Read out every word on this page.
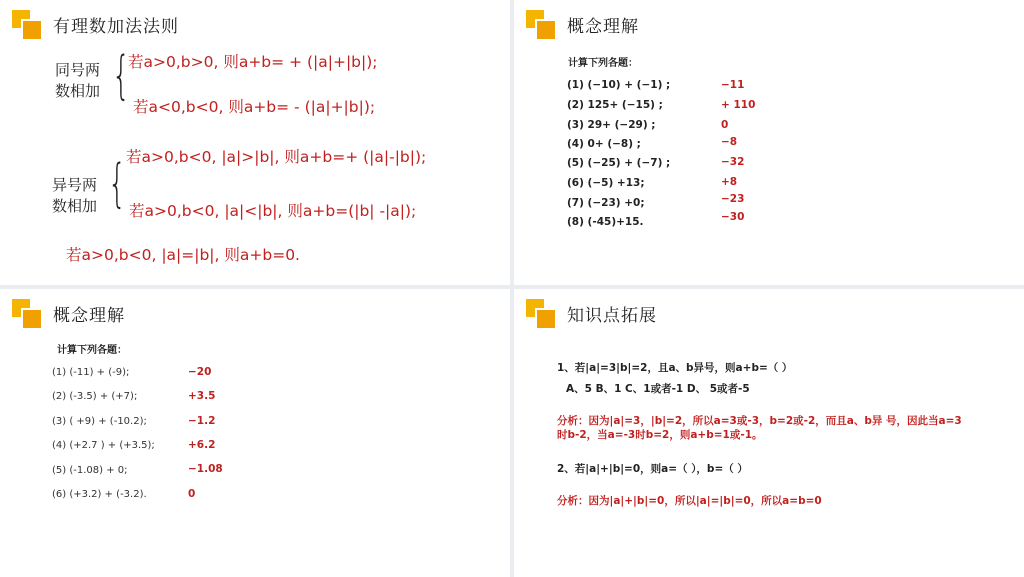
有理数加法法则
同号两
数相加 {
若a>0,b>0, 则a+b= + (|a|+|b|);
若a<0,b<0, 则a+b= - (|a|+|b|);
异号两
数相加 { 若a>0,b<0, |a|>|b|, 则a+b=+ (|a|-|b|);
若a>0,b<0, |a|<|b|, 则a+b=(|b| -|a|);
若a>0,b<0, |a|=|b|, 则a+b=0.
概念理解
计算下列各题：
(1) (−10) + (−1) ;	−11
(2) 125+ (−15) ;	+ 110
(3) 29+ (−29) ;	0
(4) 0+ (−8) ;	−8
(5) (−25) + (−7) ;	−32
(6) (−5) +13;	+8
(7) (−23) +0;	−23
(8) (-45)+15.	−30
概念理解
计算下列各题：
(1) (-11) + (-9);	−20
(2) (-3.5) + (+7);	+3.5
(3) ( +9) + (-10.2);	−1.2
(4) (+2.7 ) + (+3.5);	+6.2
(5) (-1.08) + 0;	−1.08
(6) (+3.2) + (-3.2).	0
知识点拓展
1、若|a|=3|b|=2，且a、b异号，则a+b=（ ）
A、5 B、1 C、1或者-1 D、 5或者-5
分析：因为|a|=3，|b|=2，所以a=3或-3，b=2或-2，而且a、b异 号，因此当a=3时b-2，当a=-3时b=2，则a+b=1或-1。
2、若|a|+|b|=0，则a=（ ），b=（ ）
分析：因为|a|+|b|=0，所以|a|=|b|=0，所以a=b=0
